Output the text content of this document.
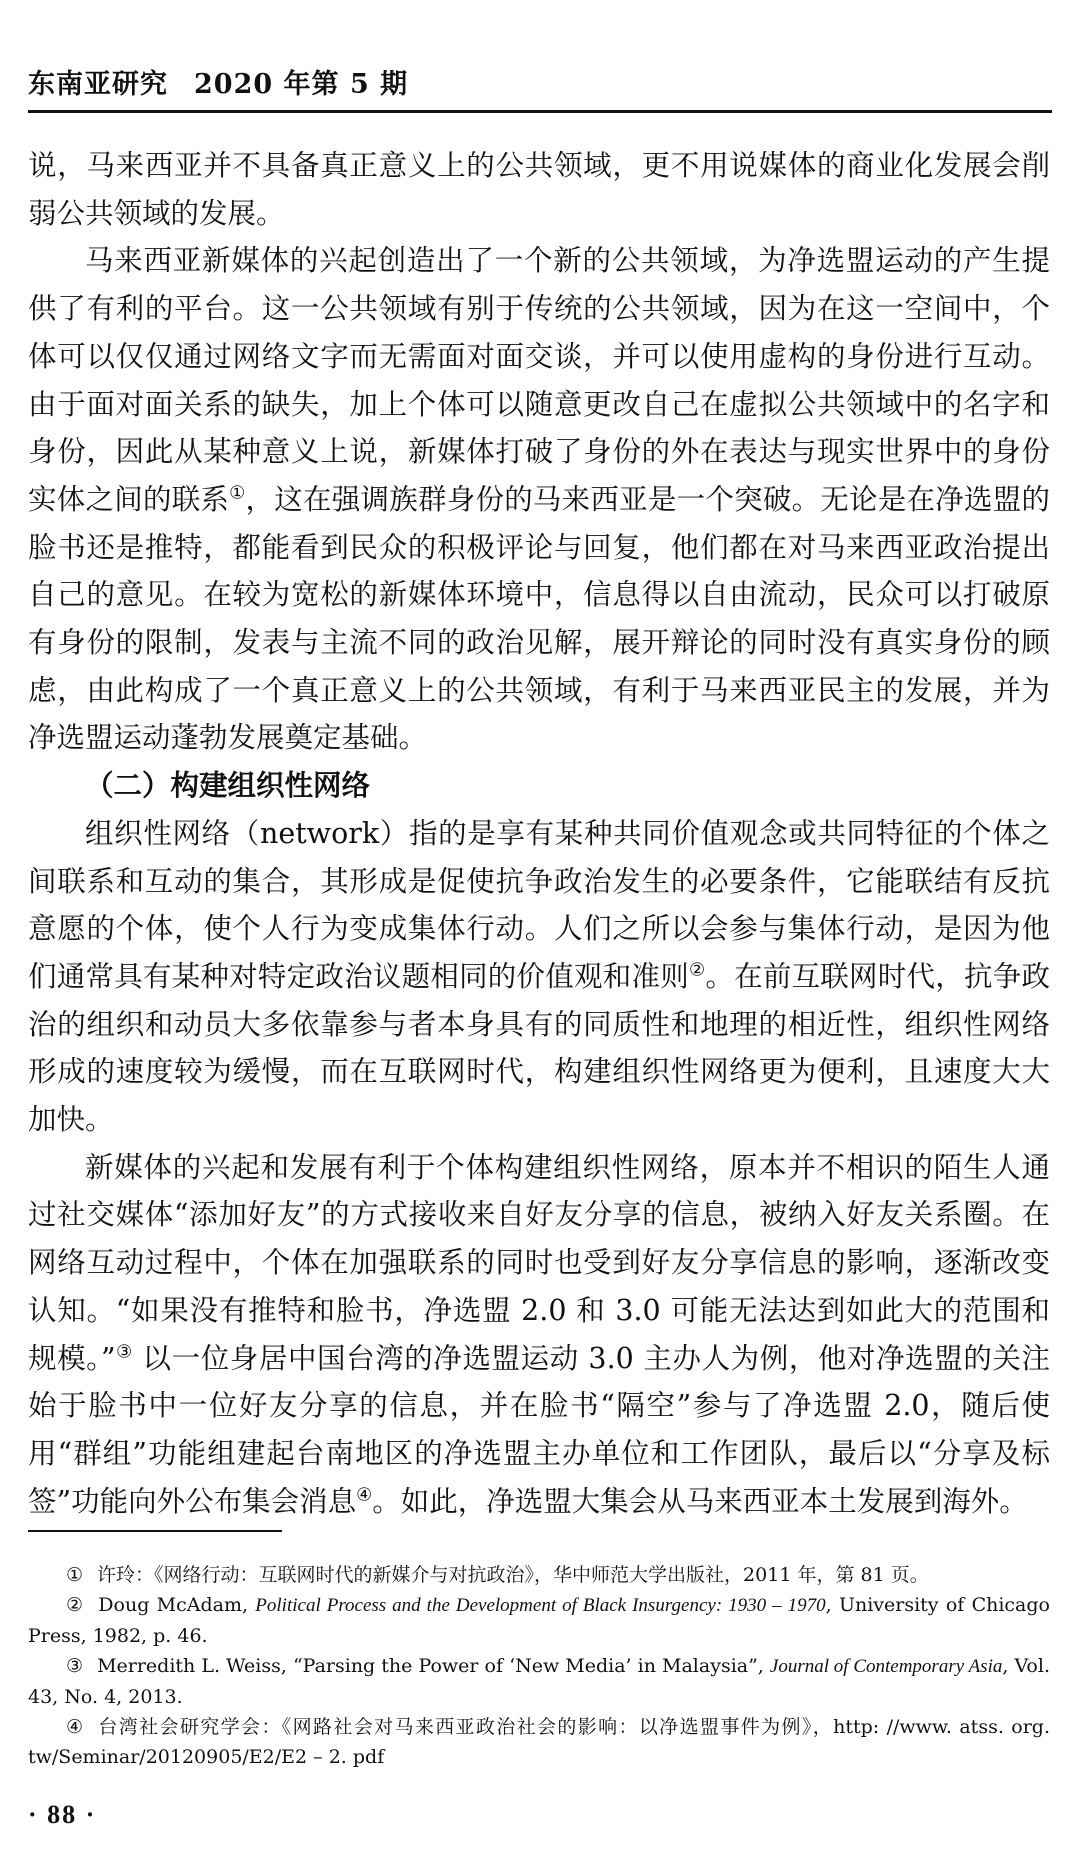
东南亚研究 2020 年第 5 期

说，马来西亚并不具备真正意义上的公共领域，更不用说媒体的商业化发展会削弱公共领域的发展。

马来西亚新媒体的兴起创造出了一个新的公共领域，为净选盟运动的产生提供了有利的平台。这一公共领域有别于传统的公共领域，因为在这一空间中，个体可以仅仅通过网络文字而无需面对面交谈，并可以使用虚构的身份进行互动。由于面对面关系的缺失，加上个体可以随意更改自己在虚拟公共领域中的名字和身份，因此从某种意义上说，新媒体打破了身份的外在表达与现实世界中的身份实体之间的联系①，这在强调族群身份的马来西亚是一个突破。无论是在净选盟的脸书还是推特，都能看到民众的积极评论与回复，他们都在对马来西亚政治提出自己的意见。在较为宽松的新媒体环境中，信息得以自由流动，民众可以打破原有身份的限制，发表与主流不同的政治见解，展开辩论的同时没有真实身份的顾虑，由此构成了一个真正意义上的公共领域，有利于马来西亚民主的发展，并为净选盟运动蓬勃发展奠定基础。

（二）构建组织性网络

组织性网络（network）指的是享有某种共同价值观念或共同特征的个体之间联系和互动的集合，其形成是促使抗争政治发生的必要条件，它能联结有反抗意愿的个体，使个人行为变成集体行动。人们之所以会参与集体行动，是因为他们通常具有某种对特定政治议题相同的价值观和准则②。在前互联网时代，抗争政治的组织和动员大多依靠参与者本身具有的同质性和地理的相近性，组织性网络形成的速度较为缓慢，而在互联网时代，构建组织性网络更为便利，且速度大大加快。

新媒体的兴起和发展有利于个体构建组织性网络，原本并不相识的陌生人通过社交媒体“添加好友”的方式接收来自好友分享的信息，被纳入好友关系圈。在网络互动过程中，个体在加强联系的同时也受到好友分享信息的影响，逐渐改变认知。“如果没有推特和脸书，净选盟 2.0 和 3.0 可能无法达到如此大的范围和规模。”③ 以一位身居中国台湾的净选盟运动 3.0 主办人为例，他对净选盟的关注始于脸书中一位好友分享的信息，并在脸书“隔空”参与了净选盟 2.0，随后使用“群组”功能组建起台南地区的净选盟主办单位和工作团队，最后以“分享及标签”功能向外公布集会消息④。如此，净选盟大集会从马来西亚本土发展到海外。

① 许玲：《网络行动：互联网时代的新媒介与对抗政治》，华中师范大学出版社，2011 年，第 81 页。

② Doug McAdam, Political Process and the Development of Black Insurgency: 1930 – 1970, University of Chicago Press, 1982, p. 46.

③ Merredith L. Weiss, “Parsing the Power of ‘New Media’ in Malaysia”, Journal of Contemporary Asia, Vol. 43, No. 4, 2013.

④ 台湾社会研究学会：《网路社会对马来西亚政治社会的影响：以净选盟事件为例》，http: //www. atss. org. tw/Seminar/20120905/E2/E2 – 2. pdf

· 88 ·
